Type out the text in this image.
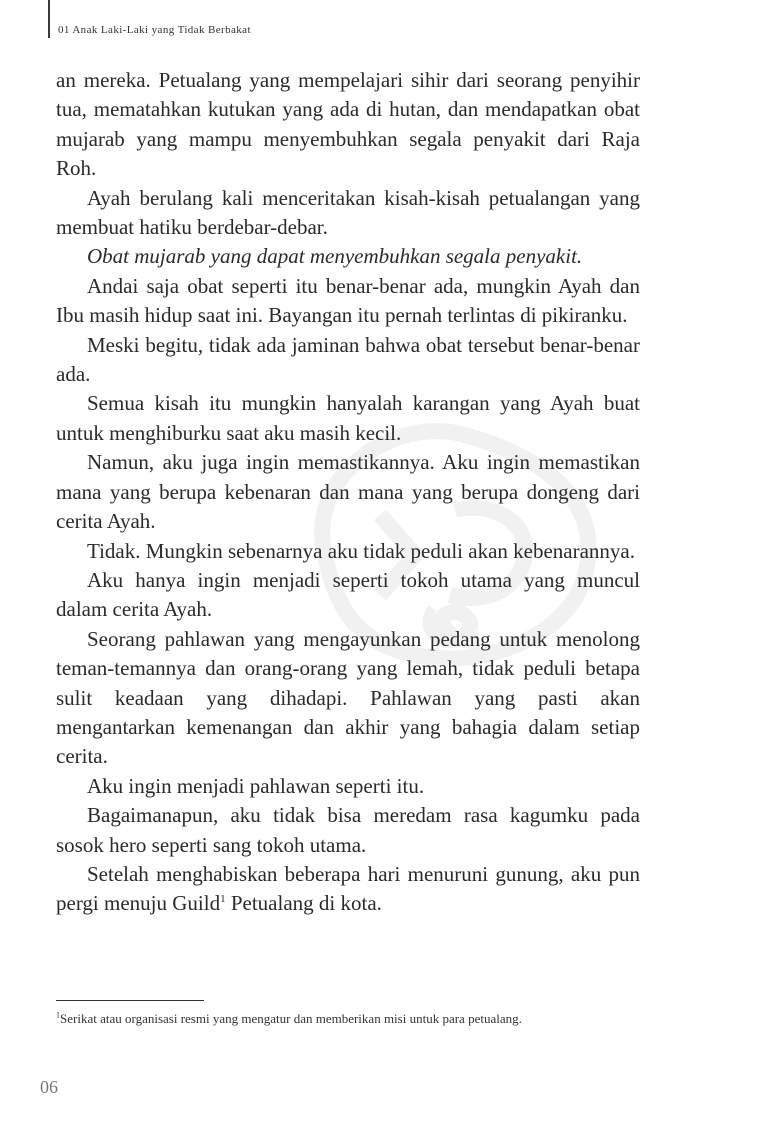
01 Anak Laki-Laki yang Tidak Berbakat

an mereka. Petualang yang mempelajari sihir dari seorang penyihir tua, mematahkan kutukan yang ada di hutan, dan mendapatkan obat mujarab yang mampu menyembuhkan segala penyakit dari Raja Roh.

Ayah berulang kali menceritakan kisah-kisah petualangan yang membuat hatiku berdebar-debar.

Obat mujarab yang dapat menyembuhkan segala penyakit.

Andai saja obat seperti itu benar-benar ada, mungkin Ayah dan Ibu masih hidup saat ini. Bayangan itu pernah terlintas di pikiranku.

Meski begitu, tidak ada jaminan bahwa obat tersebut benar-benar ada.

Semua kisah itu mungkin hanyalah karangan yang Ayah buat untuk menghiburku saat aku masih kecil.

Namun, aku juga ingin memastikannya. Aku ingin memastikan mana yang berupa kebenaran dan mana yang berupa dongeng dari cerita Ayah.

Tidak. Mungkin sebenarnya aku tidak peduli akan kebenarannya.

Aku hanya ingin menjadi seperti tokoh utama yang muncul dalam cerita Ayah.

Seorang pahlawan yang mengayunkan pedang untuk menolong teman-temannya dan orang-orang yang lemah, tidak peduli betapa sulit keadaan yang dihadapi. Pahlawan yang pasti akan mengantarkan kemenangan dan akhir yang bahagia dalam setiap cerita.

Aku ingin menjadi pahlawan seperti itu.

Bagaimanapun, aku tidak bisa meredam rasa kagumku pada sosok hero seperti sang tokoh utama.

Setelah menghabiskan beberapa hari menuruni gunung, aku pun pergi menuju Guild$^1$ Petualang di kota.

$^1$Serikat atau organisasi resmi yang mengatur dan memberikan misi untuk para petualang.
06
